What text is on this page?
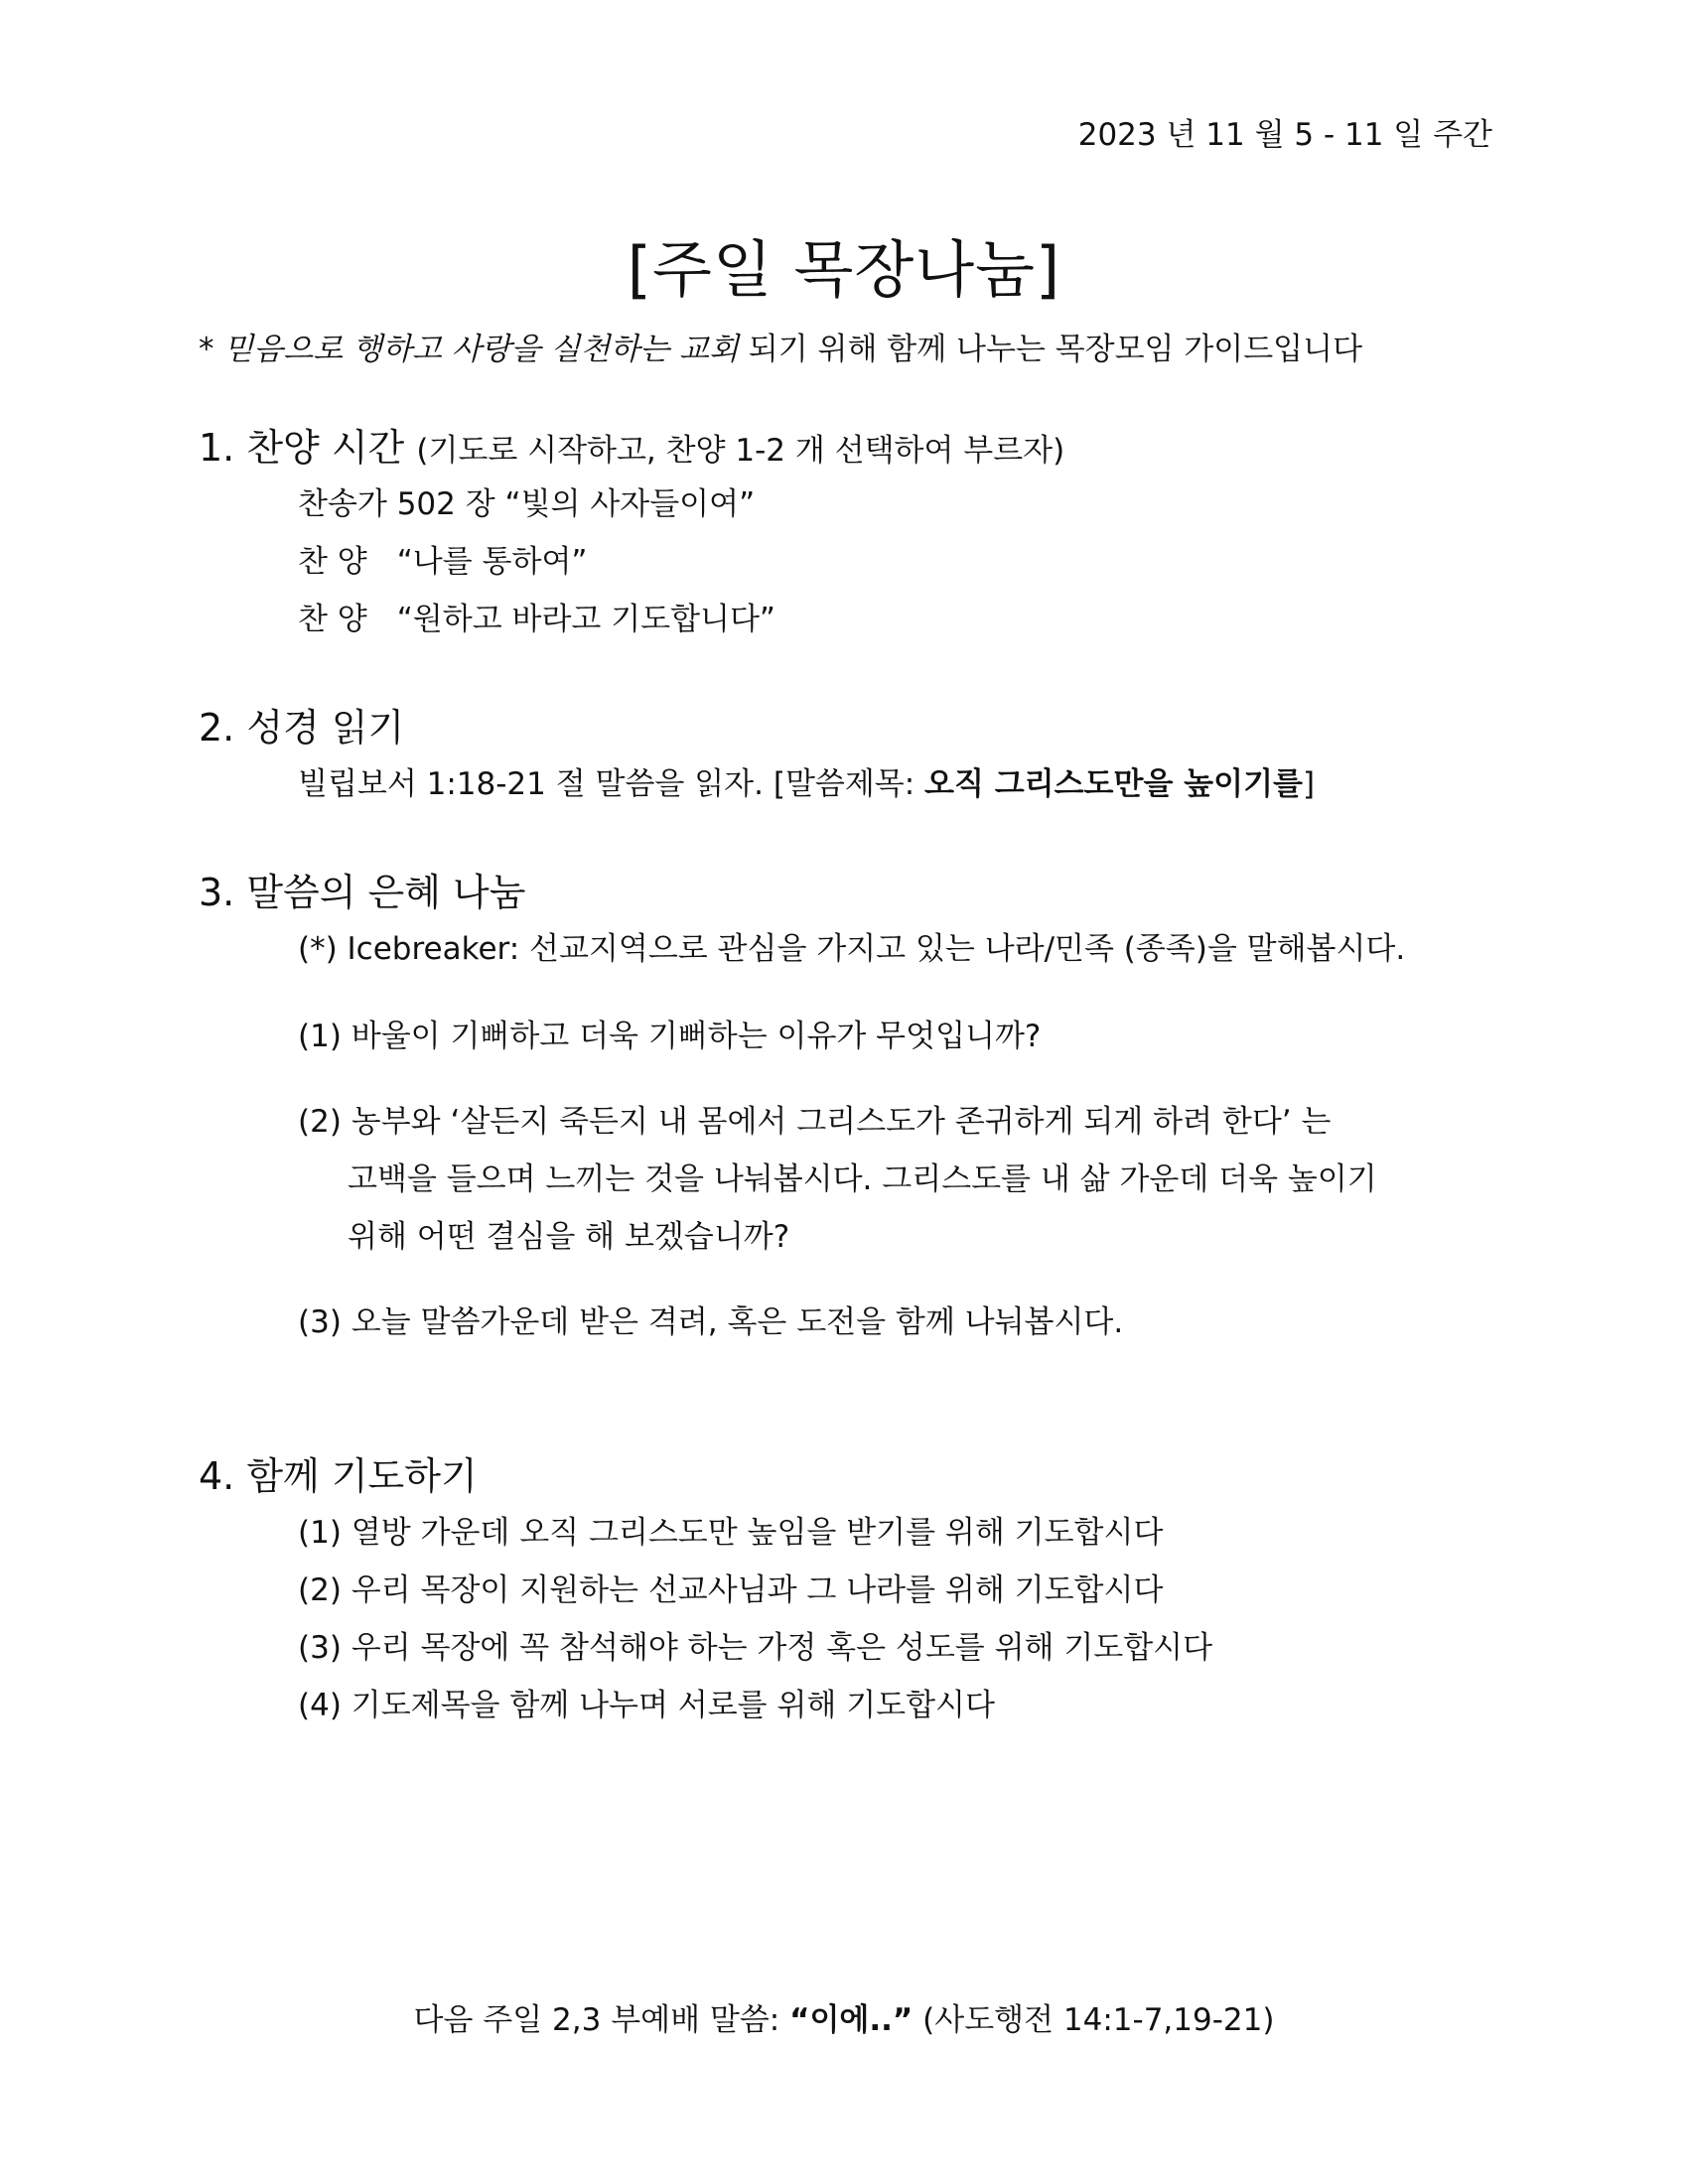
2023 년 11 월 5 - 11 일 주간
[주일 목장나눔]
* 믿음으로 행하고 사랑을 실천하는 교회 되기 위해 함께 나누는 목장모임 가이드입니다
1. 찬양 시간 (기도로 시작하고, 찬양 1-2 개 선택하여 부르자)
찬송가 502 장 “빛의 사자들이여”
찬 양 “나를 통하여”
찬 양 “원하고 바라고 기도합니다”
2. 성경 읽기
빌립보서 1:18-21 절 말씀을 읽자. [말씀제목: 오직 그리스도만을 높이기를]
3. 말씀의 은혜 나눔
(*) Icebreaker: 선교지역으로 관심을 가지고 있는 나라/민족 (종족)을 말해봅시다.
(1) 바울이 기뻐하고 더욱 기뻐하는 이유가 무엇입니까?
(2) 농부와 ‘살든지 죽든지 내 몸에서 그리스도가 존귀하게 되게 하려 한다’ 는
고백을 들으며 느끼는 것을 나눠봅시다. 그리스도를 내 삶 가운데 더욱 높이기
위해 어떤 결심을 해 보겠습니까?
(3) 오늘 말씀가운데 받은 격려, 혹은 도전을 함께 나눠봅시다.
4. 함께 기도하기
(1) 열방 가운데 오직 그리스도만 높임을 받기를 위해 기도합시다
(2) 우리 목장이 지원하는 선교사님과 그 나라를 위해 기도합시다
(3) 우리 목장에 꼭 참석해야 하는 가정 혹은 성도를 위해 기도합시다
(4) 기도제목을 함께 나누며 서로를 위해 기도합시다
다음 주일 2,3 부예배 말씀: “이에..” (사도행전 14:1-7,19-21)
